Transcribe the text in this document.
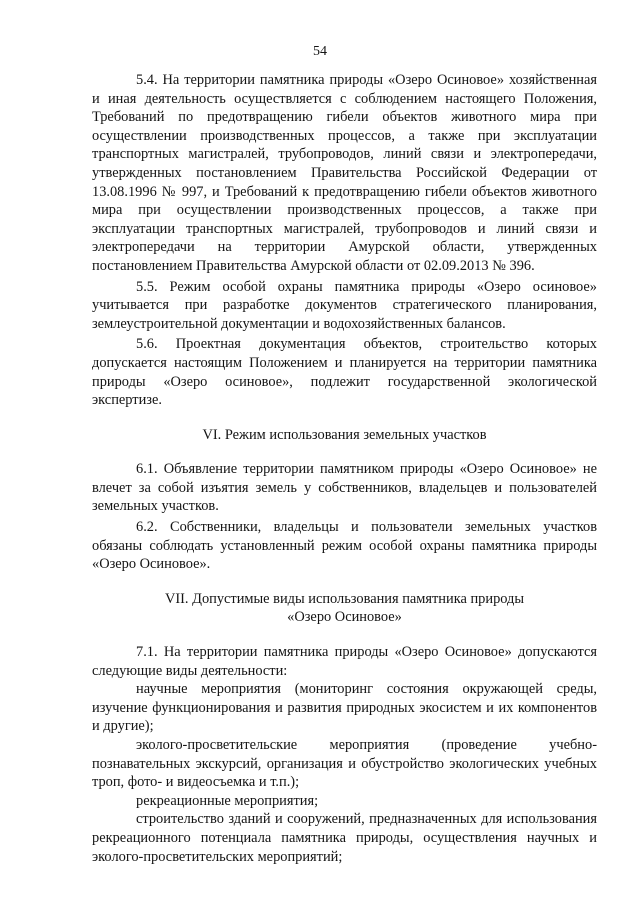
54

5.4. На территории памятника природы «Озеро Осиновое» хозяйственная и иная деятельность осуществляется с соблюдением настоящего Положения, Требований по предотвращению гибели объектов животного мира при осуществлении производственных процессов, а также при эксплуатации транспортных магистралей, трубопроводов, линий связи и электропередачи, утвержденных постановлением Правительства Российской Федерации от 13.08.1996 № 997, и Требований к предотвращению гибели объектов животного мира при осуществлении производственных процессов, а также при эксплуатации транспортных магистралей, трубопроводов и линий связи и электропередачи на территории Амурской области, утвержденных постановлением Правительства Амурской области от 02.09.2013 № 396.

5.5. Режим особой охраны памятника природы «Озеро осиновое» учитывается при разработке документов стратегического планирования, землеустроительной документации и водохозяйственных балансов.

5.6. Проектная документация объектов, строительство которых допускается настоящим Положением и планируется на территории памятника природы «Озеро осиновое», подлежит государственной экологической экспертизе.

VI. Режим использования земельных участков

6.1. Объявление территории памятником природы «Озеро Осиновое» не влечет за собой изъятия земель у собственников, владельцев и пользователей земельных участков.

6.2. Собственники, владельцы и пользователи земельных участков обязаны соблюдать установленный режим особой охраны памятника природы «Озеро Осиновое».

VII. Допустимые виды использования памятника природы
«Озеро Осиновое»

7.1. На территории памятника природы «Озеро Осиновое» допускаются следующие виды деятельности:

научные мероприятия (мониторинг состояния окружающей среды, изучение функционирования и развития природных экосистем и их компонентов и другие);

эколого-просветительские мероприятия (проведение учебно-познавательных экскурсий, организация и обустройство экологических учебных троп, фото- и видеосъемка и т.п.);

рекреационные мероприятия;

строительство зданий и сооружений, предназначенных для использования рекреационного потенциала памятника природы, осуществления научных и эколого-просветительских мероприятий;
